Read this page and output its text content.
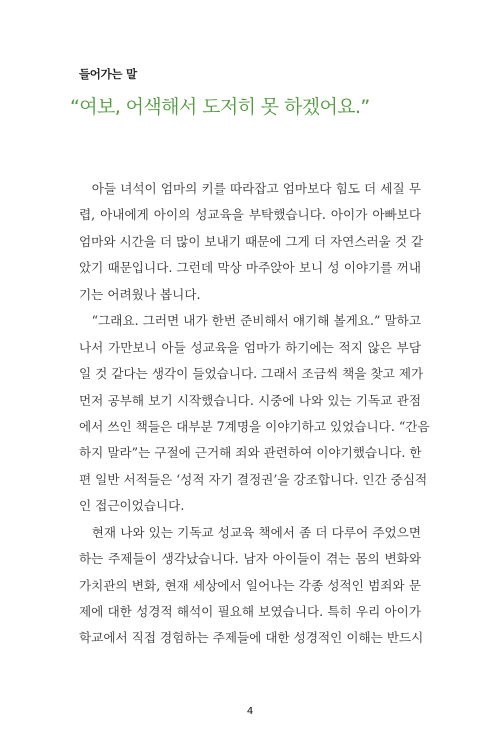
들어가는 말
“여보, 어색해서 도저히 못 하겠어요.”
　아들 녀석이 엄마의 키를 따라잡고 엄마보다 힘도 더 세질 무
렵, 아내에게 아이의 성교육을 부탁했습니다. 아이가 아빠보다
엄마와 시간을 더 많이 보내기 때문에 그게 더 자연스러울 것 같
았기 때문입니다. 그런데 막상 마주앉아 보니 성 이야기를 꺼내
기는 어려웠나 봅니다.
　“그래요. 그러면 내가 한번 준비해서 얘기해 볼게요.” 말하고
나서 가만보니 아들 성교육을 엄마가 하기에는 적지 않은 부담
일 것 같다는 생각이 들었습니다. 그래서 조금씩 책을 찾고 제가
먼저 공부해 보기 시작했습니다. 시중에 나와 있는 기독교 관점
에서 쓰인 책들은 대부분 7계명을 이야기하고 있었습니다. “간음
하지 말라”는 구절에 근거해 죄와 관련하여 이야기했습니다. 한
편 일반 서적들은 ‘성적 자기 결정권’을 강조합니다. 인간 중심적
인 접근이었습니다.
　현재 나와 있는 기독교 성교육 책에서 좀 더 다루어 주었으면
하는 주제들이 생각났습니다. 남자 아이들이 겪는 몸의 변화와
가치관의 변화, 현재 세상에서 일어나는 각종 성적인 범죄와 문
제에 대한 성경적 해석이 필요해 보였습니다. 특히 우리 아이가
학교에서 직접 경험하는 주제들에 대한 성경적인 이해는 반드시
4
